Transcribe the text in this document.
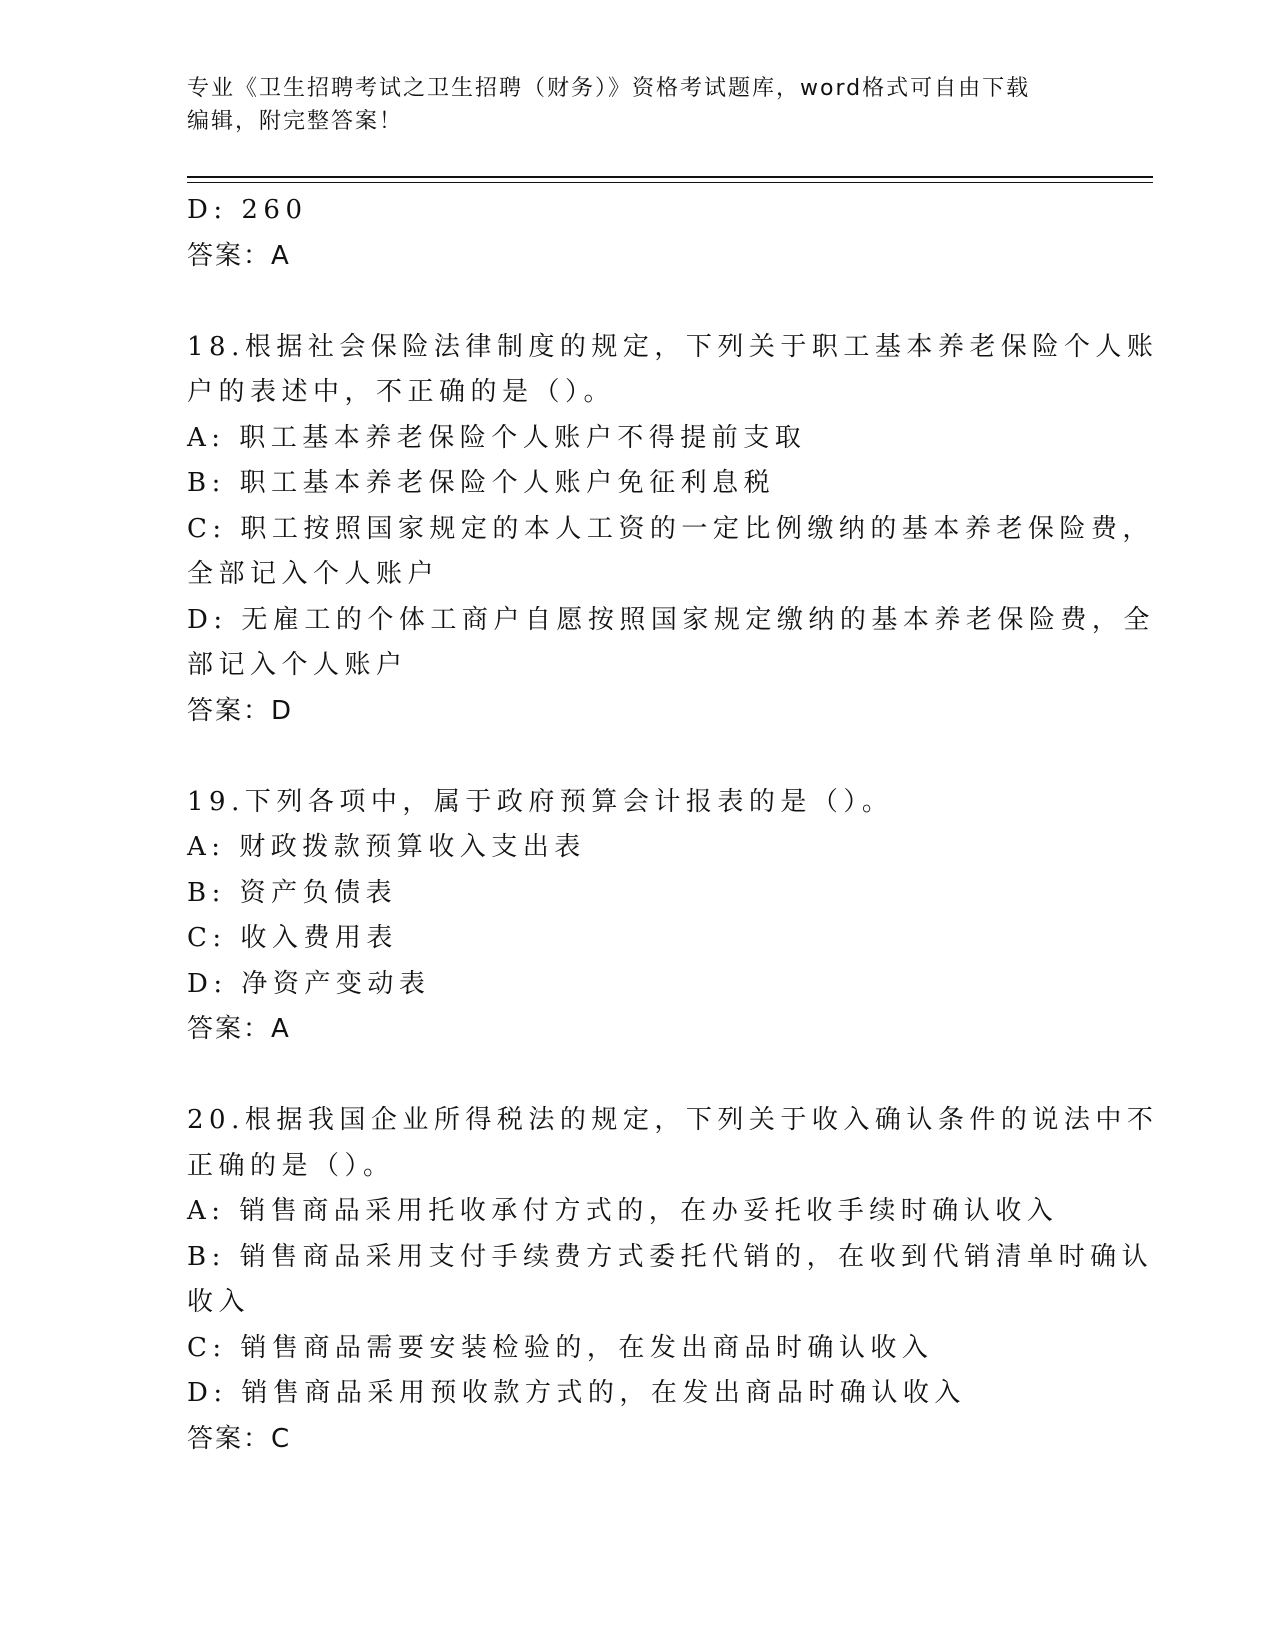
专业《卫生招聘考试之卫生招聘（财务）》资格考试题库，word格式可自由下载
编辑，附完整答案！
D: 260
答案：A
18.根据社会保险法律制度的规定，下列关于职工基本养老保险个人账
户的表述中，不正确的是（）。
A: 职工基本养老保险个人账户不得提前支取
B: 职工基本养老保险个人账户免征利息税
C: 职工按照国家规定的本人工资的一定比例缴纳的基本养老保险费，
全部记入个人账户
D: 无雇工的个体工商户自愿按照国家规定缴纳的基本养老保险费，全
部记入个人账户
答案：D
19.下列各项中，属于政府预算会计报表的是（）。
A: 财政拨款预算收入支出表
B: 资产负债表
C: 收入费用表
D: 净资产变动表
答案：A
20.根据我国企业所得税法的规定，下列关于收入确认条件的说法中不
正确的是（）。
A: 销售商品采用托收承付方式的，在办妥托收手续时确认收入
B: 销售商品采用支付手续费方式委托代销的，在收到代销清单时确认
收入
C: 销售商品需要安装检验的，在发出商品时确认收入
D: 销售商品采用预收款方式的，在发出商品时确认收入
答案：C
